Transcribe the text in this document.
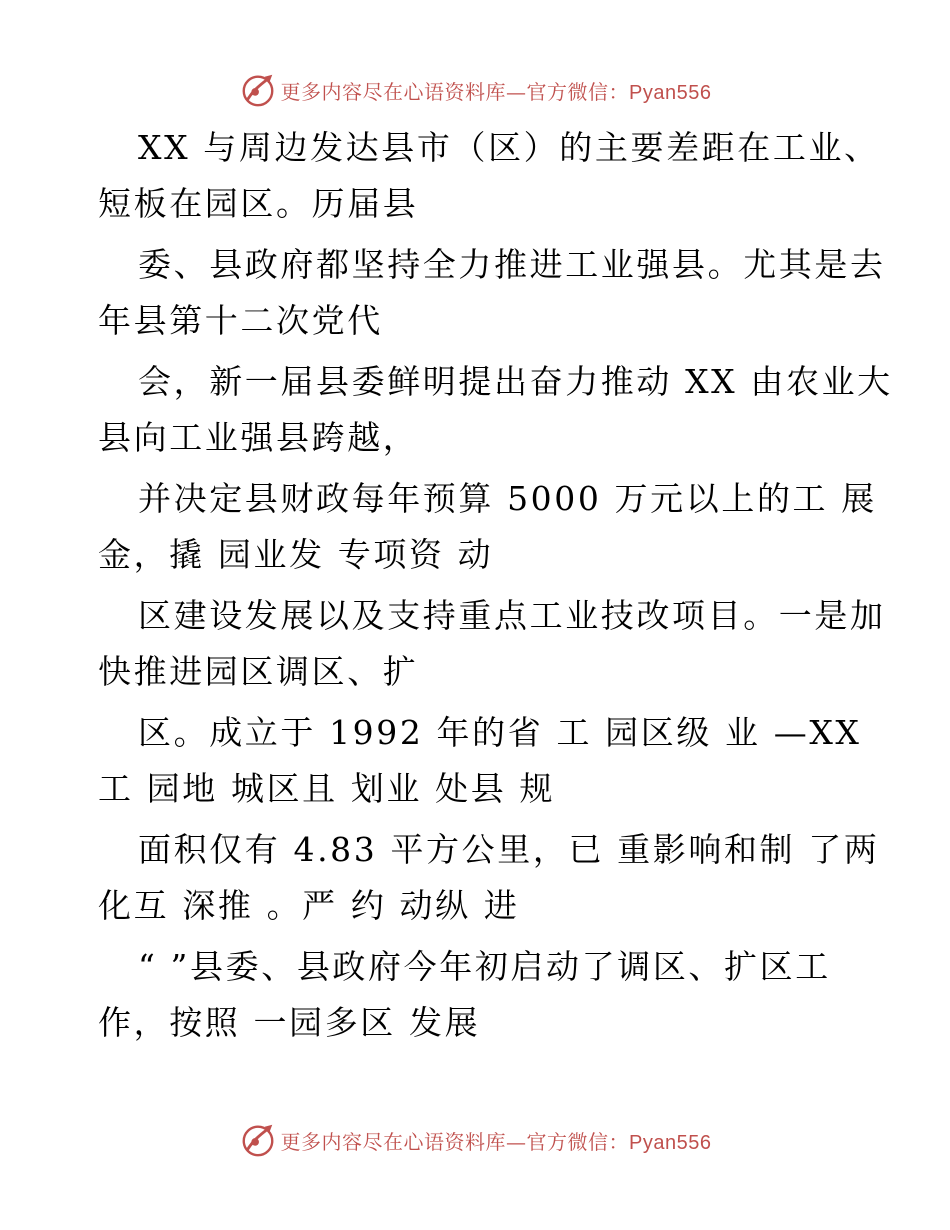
更多内容尽在心语资料库—官方微信：Pyan556
XX 与周边发达县市（区）的主要差距在工业、
短板在园区。历届县
委、县政府都坚持全力推进工业强县。尤其是去
年县第十二次党代
会，新一届县委鲜明提出奋力推动 XX 由农业大
县向工业强县跨越，
并决定县财政每年预算 5000 万元以上的工 展
金，撬 园业发 专项资 动
区建设发展以及支持重点工业技改项目。一是加
快推进园区调区、扩
区。成立于 1992 年的省 工 园区级 业 —XX
工 园地 城区且 划业 处县 规
面积仅有 4.83 平方公里，已 重影响和制 了两
化互 深推 。严 约 动纵 进
“ ”县委、县政府今年初启动了调区、扩区工
作，按照 一园多区 发展
更多内容尽在心语资料库—官方微信：Pyan556
